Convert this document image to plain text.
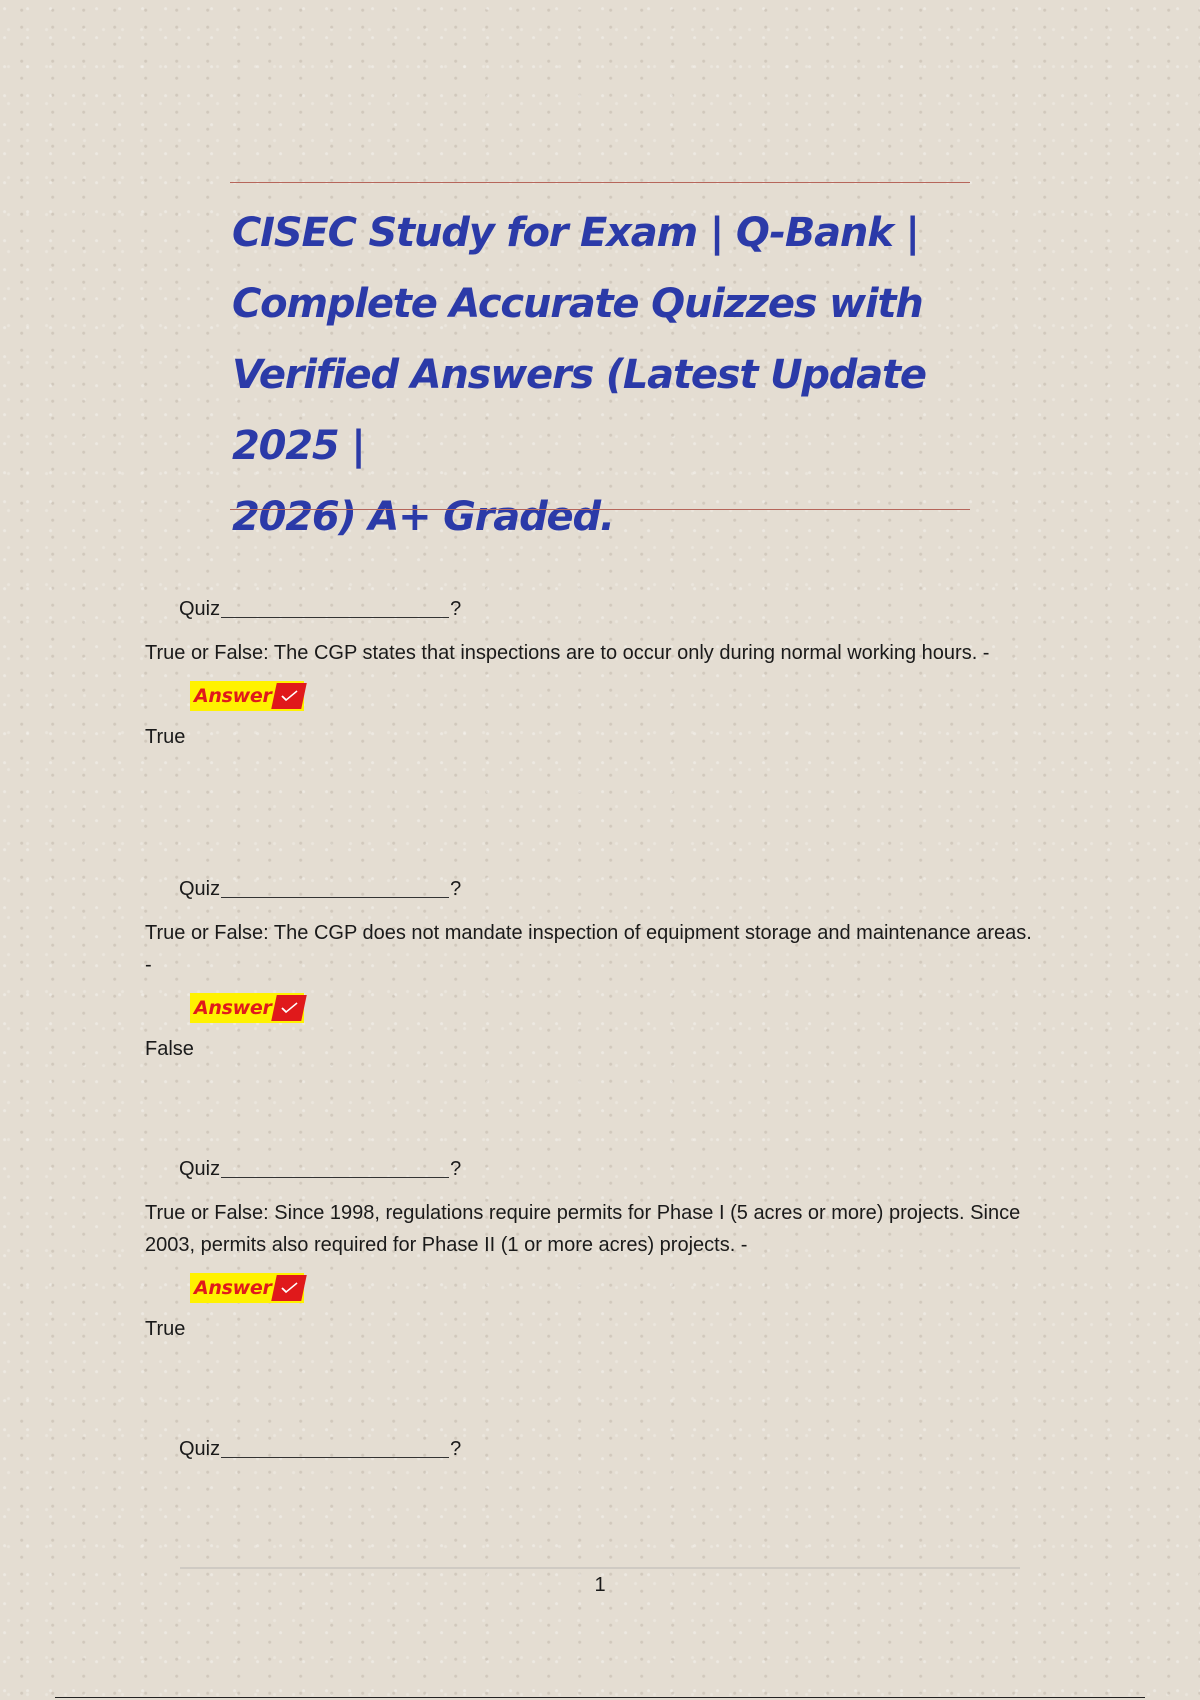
CISEC Study for Exam | Q-Bank |
Complete Accurate Quizzes with
Verified Answers (Latest Update 2025 |
2026) A+ Graded.
Quiz	?
True or False: The CGP states that inspections are to occur only during normal working hours. -
Answer
True
Quiz	?
True or False: The CGP does not mandate inspection of equipment storage and maintenance areas. -
Answer
False
Quiz	?
True or False: Since 1998, regulations require permits for Phase I (5 acres or more) projects. Since 2003, permits also required for Phase II (1 or more acres) projects. -
Answer
True
Quiz	?
1
